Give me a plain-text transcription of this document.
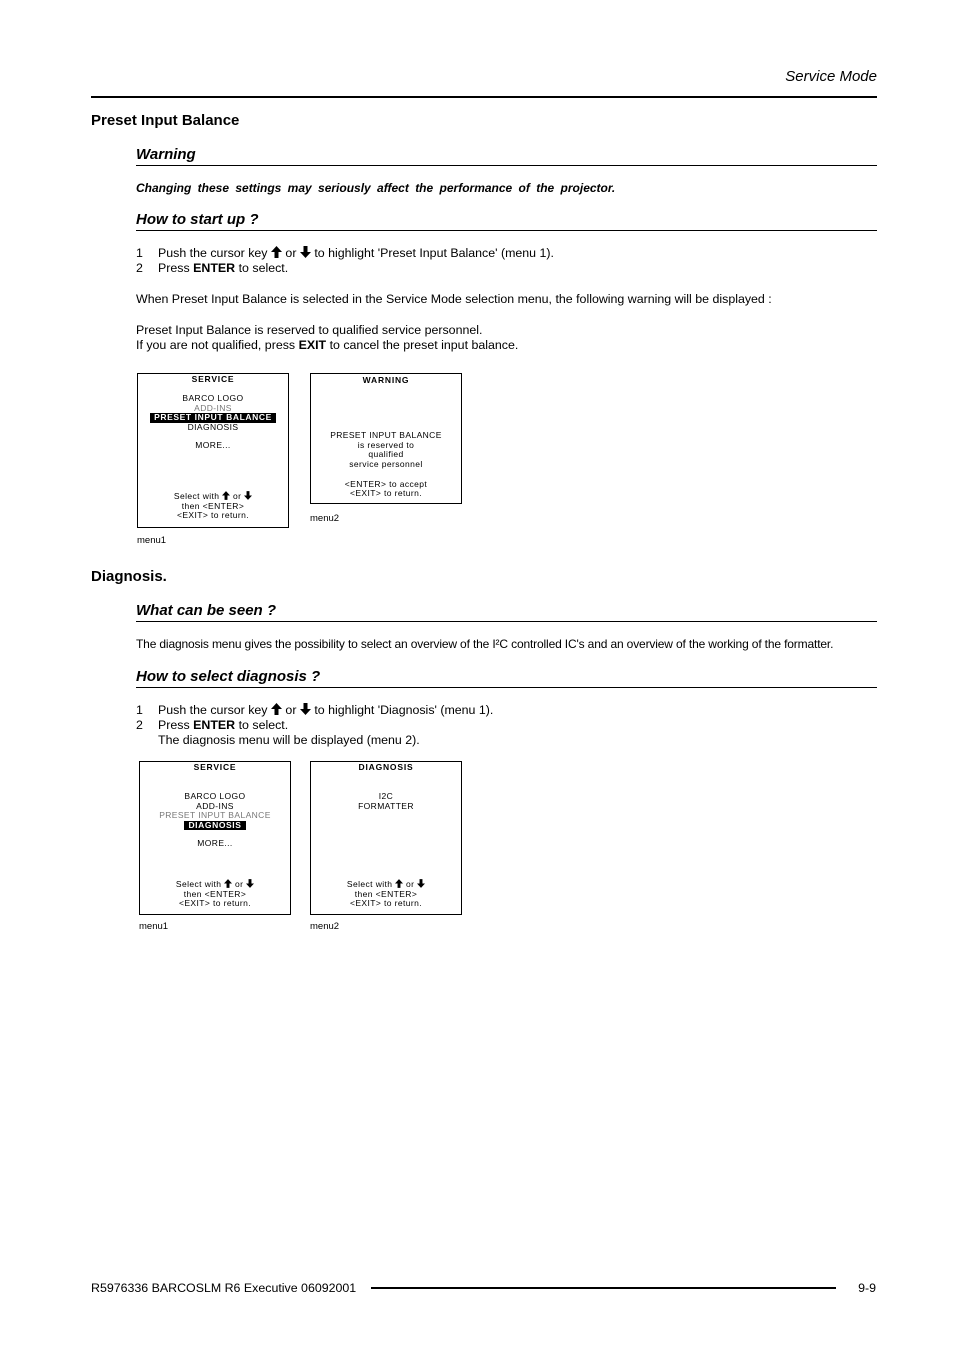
Service Mode
Preset Input Balance
Warning
Changing these settings may seriously affect the performance of the projector.
How to start up ?
1	Push the cursor key or to highlight 'Preset Input Balance' (menu 1).
2	Press ENTER to select.
When Preset Input Balance is selected in the Service Mode selection menu, the following warning will be displayed :
Preset Input Balance is reserved to qualified service personnel.
If you are not qualified, press EXIT to cancel the preset input balance.
SERVICE
BARCO LOGO
ADD-INS
PRESET INPUT BALANCE
DIAGNOSIS
MORE...
Select with or
then <ENTER>
<EXIT> to return.
menu1
WARNING
PRESET INPUT BALANCE
is reserved to
qualified
service personnel
<ENTER> to accept
<EXIT> to return.
menu2
Diagnosis.
What can be seen ?
The diagnosis menu gives the possibility to select an overview of the I²C controlled IC's and an overview of the working of the formatter.
How to select diagnosis ?
1	Push the cursor key or to highlight 'Diagnosis' (menu 1).
2	Press ENTER to select.
The diagnosis menu will be displayed (menu 2).
SERVICE
BARCO LOGO
ADD-INS
PRESET INPUT BALANCE
DIAGNOSIS
MORE...
Select with or
then <ENTER>
<EXIT> to return.
menu1
DIAGNOSIS
I2C
FORMATTER
Select with or
then <ENTER>
<EXIT> to return.
menu2
R5976336 BARCOSLM R6 Executive 06092001	9-9
